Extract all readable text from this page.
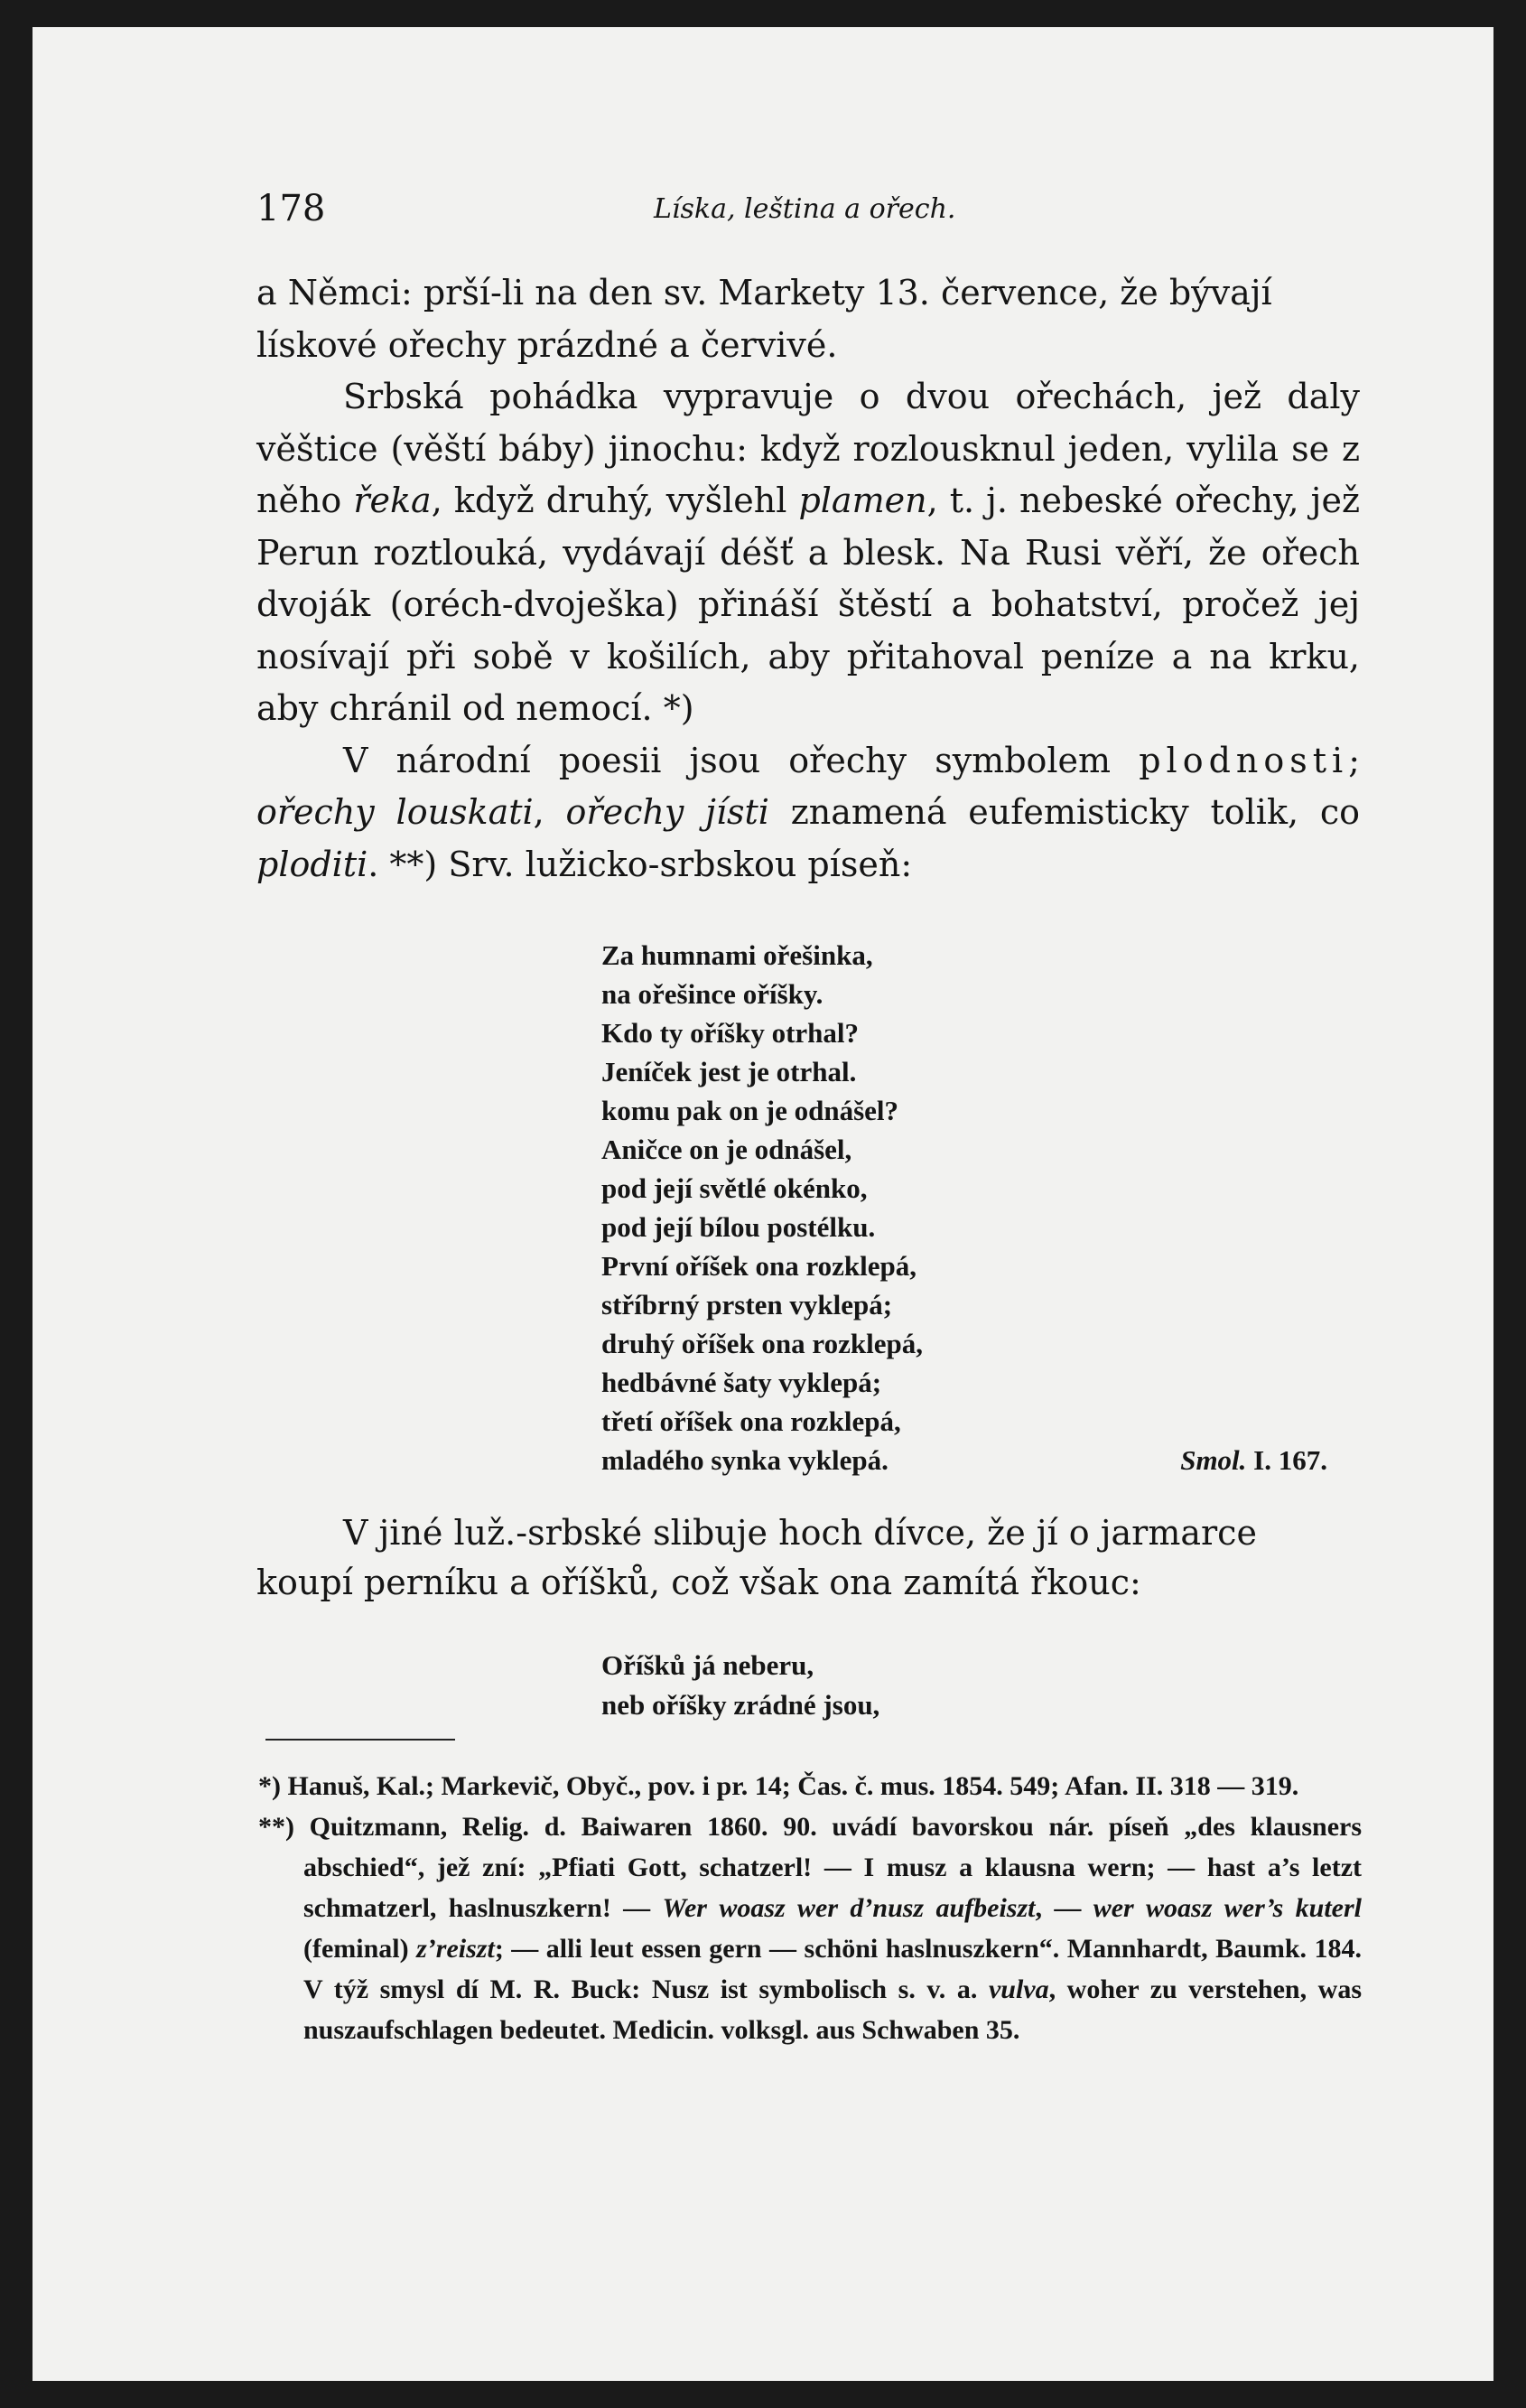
178	Líska, leština a ořech.

a Němci: prší-li na den sv. Markety 13. července, že bývají
lískové ořechy prázdné a červivé.

Srbská pohádka vypravuje o dvou ořechách, jež daly věštice (věští báby) jinochu: když rozlousknul jeden, vylila se z něho řeka, když druhý, vyšlehl plamen, t. j. nebeské ořechy, jež Perun roztlouká, vydávají déšť a blesk. Na Rusi věří, že ořech dvoják (oréch-dvoješka) přináší štěstí a bohatství, pročež jej nosívají při sobě v košilích, aby přitahoval peníze a na krku, aby chránil od nemocí. *)

V národní poesii jsou ořechy symbolem plodnosti; ořechy louskati, ořechy jísti znamená eufemisticky tolik, co ploditi. **) Srv. lužicko-srbskou píseň:

Za humnami ořešinka,
na ořešince oříšky.
Kdo ty oříšky otrhal?
Jeníček jest je otrhal.
komu pak on je odnášel?
Aničce on je odnášel,
pod její světlé okénko,
pod její bílou postélku.
První oříšek ona rozklepá,
stříbrný prsten vyklepá;
druhý oříšek ona rozklepá,
hedbávné šaty vyklepá;
třetí oříšek ona rozklepá,
mladého synka vyklepá.	Smol. I. 167.
V jiné luž.-srbské slibuje hoch dívce, že jí o jarmarce
koupí perníku a oříšků, což však ona zamítá řkouc:
Oříšků já neberu,
neb oříšky zrádné jsou,

*) Hanuš, Kal.; Markevič, Obyč., pov. i pr. 14; Čas. č. mus. 1854. 549; Afan. II. 318 — 319.

**) Quitzmann, Relig. d. Baiwaren 1860. 90. uvádí bavorskou nár. píseň „des klausners abschied“, jež zní: „Pfiati Gott, schatzerl! — I musz a klausna wern; — hast a’s letzt schmatzerl, haslnuszkern! — Wer woasz wer d’nusz aufbeiszt, — wer woasz wer’s kuterl (feminal) z’reiszt; — alli leut essen gern — schöni haslnuszkern“. Mannhardt, Baumk. 184. V týž smysl dí M. R. Buck: Nusz ist symbolisch s. v. a. vulva, woher zu verstehen, was nuszaufschlagen bedeutet. Medicin. volksgl. aus Schwaben 35.
